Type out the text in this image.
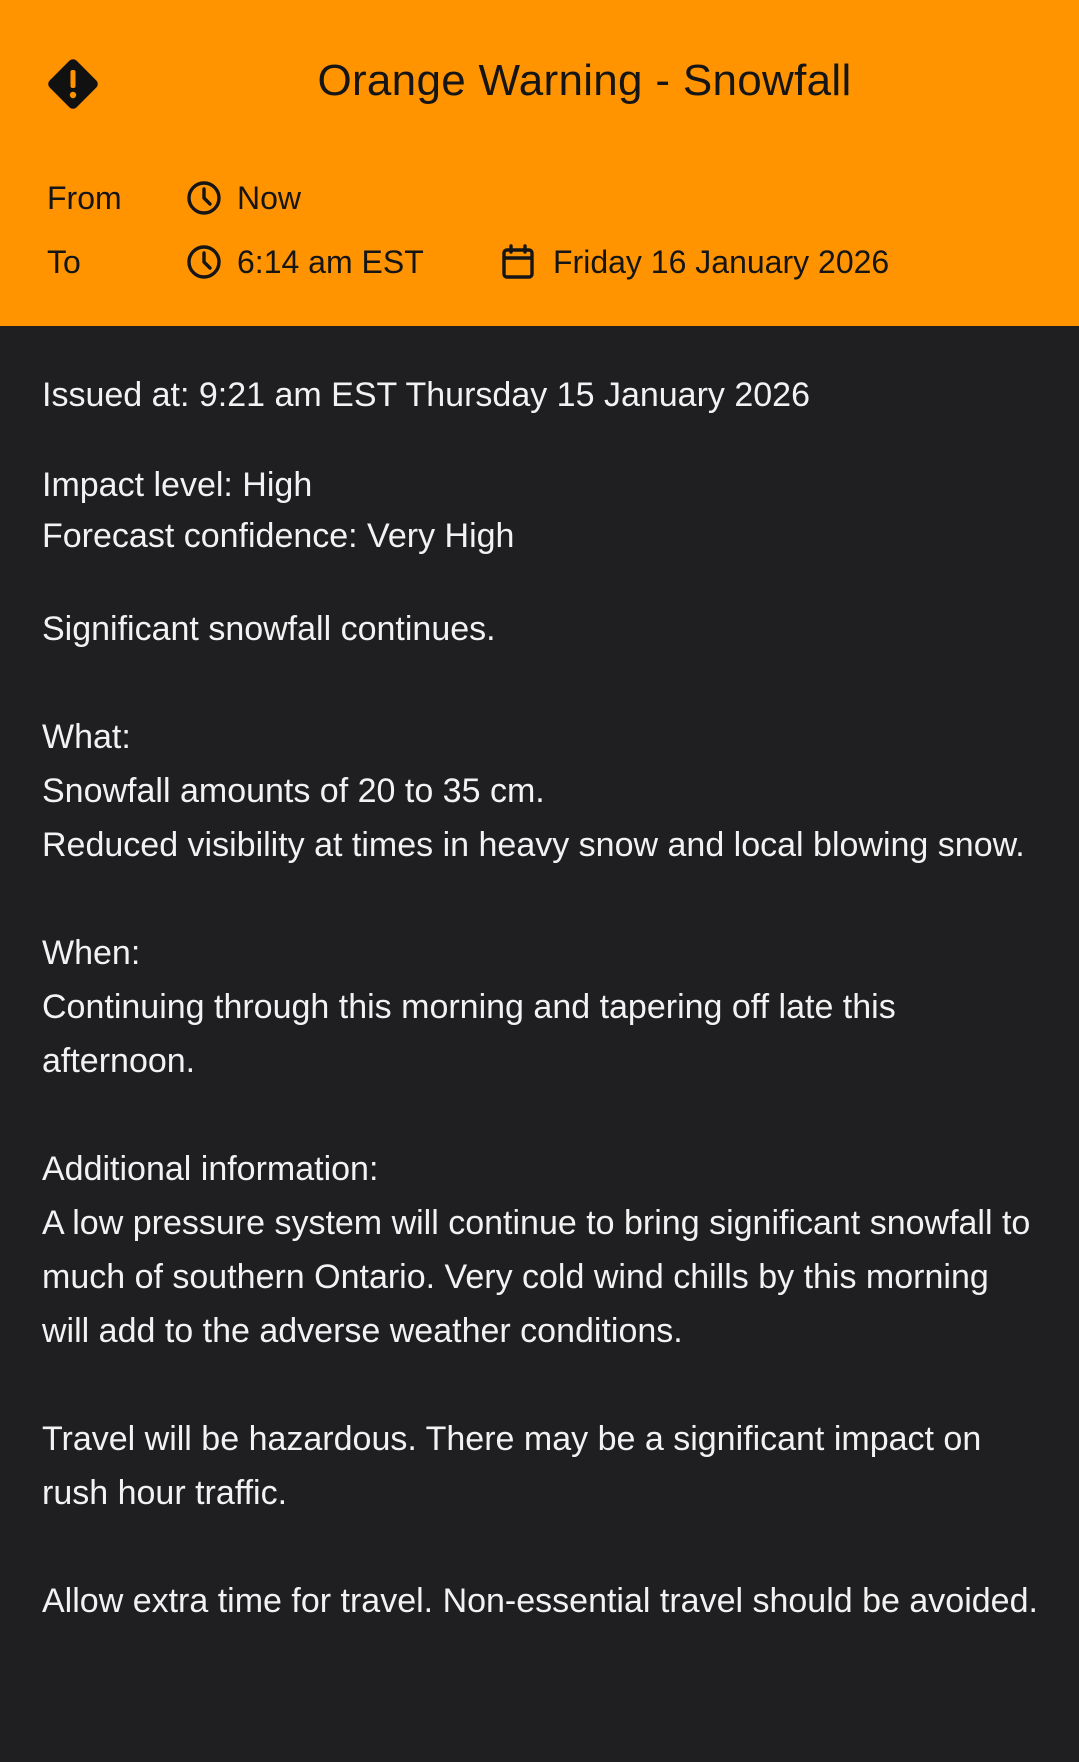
Orange Warning - Snowfall
From	Now
To	6:14 am EST	Friday 16 January 2026
Issued at: 9:21 am EST Thursday 15 January 2026
Impact level: High
Forecast confidence: Very High
Significant snowfall continues.

What:
Snowfall amounts of 20 to 35 cm.
Reduced visibility at times in heavy snow and local blowing snow.

When:
Continuing through this morning and tapering off late this afternoon.

Additional information:
A low pressure system will continue to bring significant snowfall to much of southern Ontario. Very cold wind chills by this morning will add to the adverse weather conditions.

Travel will be hazardous. There may be a significant impact on rush hour traffic.

Allow extra time for travel. Non-essential travel should be avoided.
